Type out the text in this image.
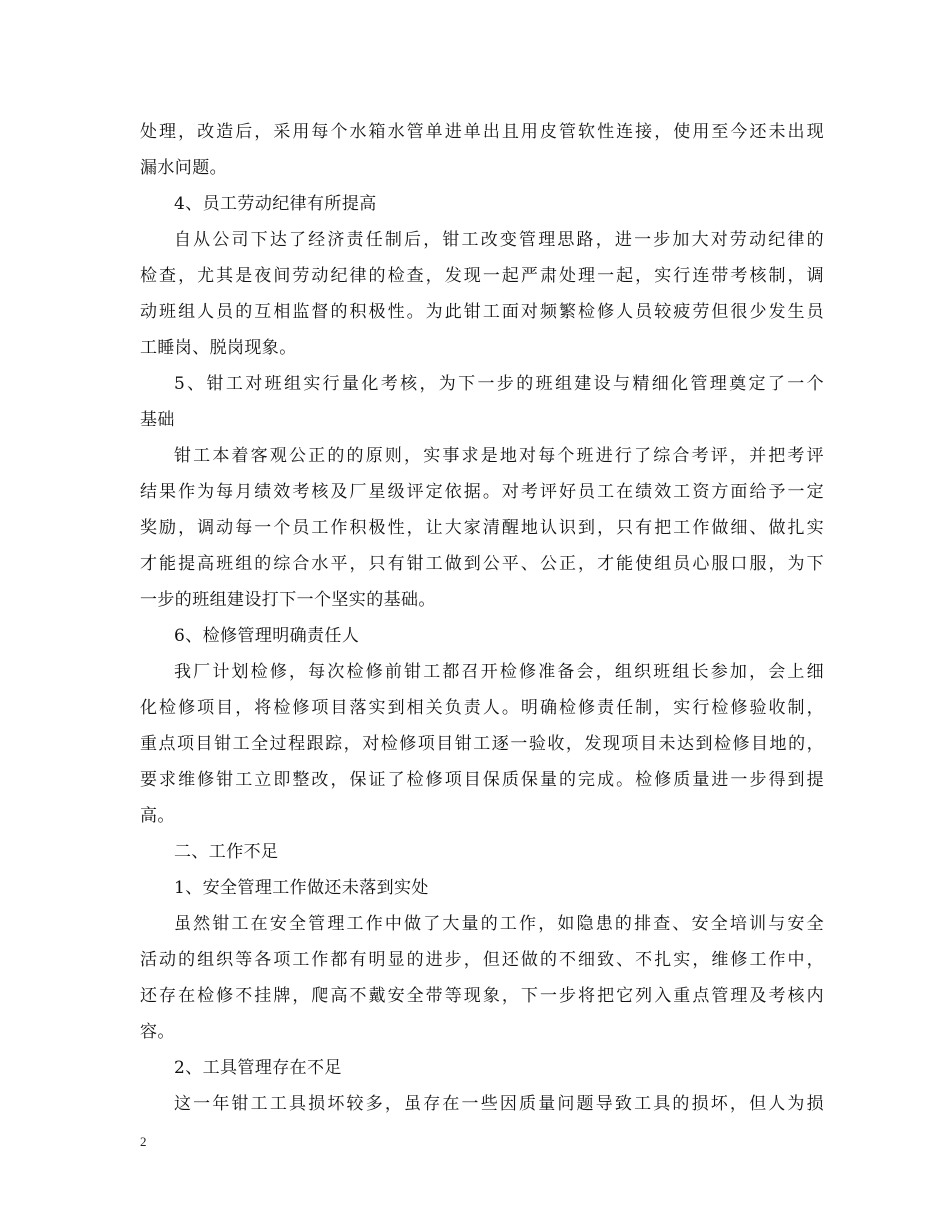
处理，改造后，采用每个水箱水管单进单出且用皮管软性连接，使用至今还未出现
漏水问题。
4、员工劳动纪律有所提高
自从公司下达了经济责任制后，钳工改变管理思路，进一步加大对劳动纪律的
检查，尤其是夜间劳动纪律的检查，发现一起严肃处理一起，实行连带考核制，调
动班组人员的互相监督的积极性。为此钳工面对频繁检修人员较疲劳但很少发生员
工睡岗、脱岗现象。
5、钳工对班组实行量化考核，为下一步的班组建设与精细化管理奠定了一个
基础
钳工本着客观公正的的原则，实事求是地对每个班进行了综合考评，并把考评
结果作为每月绩效考核及厂星级评定依据。对考评好员工在绩效工资方面给予一定
奖励，调动每一个员工作积极性，让大家清醒地认识到，只有把工作做细、做扎实
才能提高班组的综合水平，只有钳工做到公平、公正，才能使组员心服口服，为下
一步的班组建设打下一个坚实的基础。
6、检修管理明确责任人
我厂计划检修，每次检修前钳工都召开检修准备会，组织班组长参加，会上细
化检修项目，将检修项目落实到相关负责人。明确检修责任制，实行检修验收制，
重点项目钳工全过程跟踪，对检修项目钳工逐一验收，发现项目未达到检修目地的，
要求维修钳工立即整改，保证了检修项目保质保量的完成。检修质量进一步得到提
高。
二、工作不足
1、安全管理工作做还未落到实处
虽然钳工在安全管理工作中做了大量的工作，如隐患的排查、安全培训与安全
活动的组织等各项工作都有明显的进步，但还做的不细致、不扎实，维修工作中，
还存在检修不挂牌，爬高不戴安全带等现象，下一步将把它列入重点管理及考核内
容。
2、工具管理存在不足
这一年钳工工具损坏较多，虽存在一些因质量问题导致工具的损坏，但人为损
2
